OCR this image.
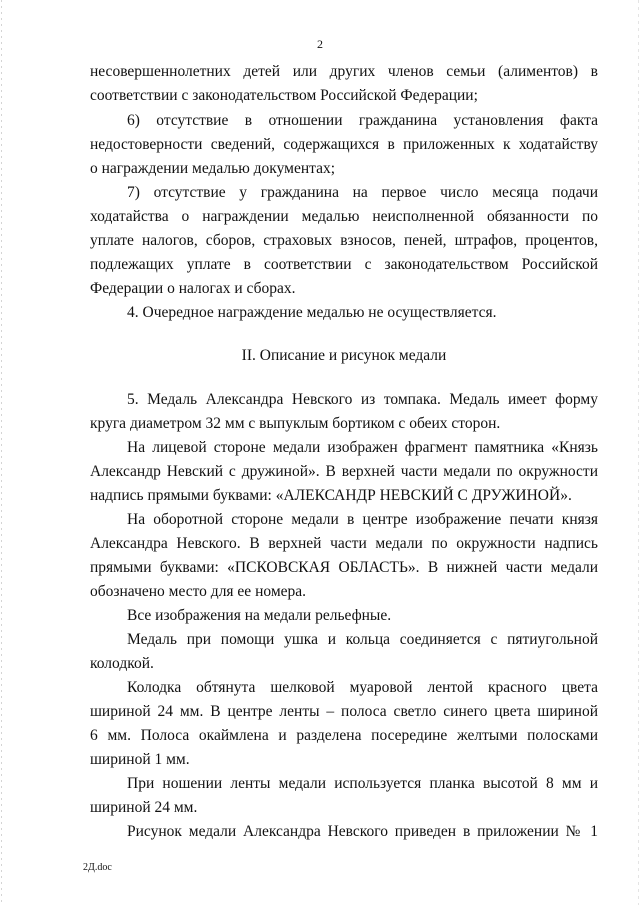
2
несовершеннолетних детей или других членов семьи (алиментов) в
соответствии с законодательством Российской Федерации;
6) отсутствие в отношении гражданина установления факта
недостоверности сведений, содержащихся в приложенных к ходатайству
о награждении медалью документах;
7) отсутствие у гражданина на первое число месяца подачи
ходатайства о награждении медалью неисполненной обязанности по
уплате налогов, сборов, страховых взносов, пеней, штрафов, процентов,
подлежащих уплате в соответствии с законодательством Российской
Федерации о налогах и сборах.
4. Очередное награждение медалью не осуществляется.
II. Описание и рисунок медали
5. Медаль Александра Невского из томпака. Медаль имеет форму
круга диаметром 32 мм с выпуклым бортиком с обеих сторон.
На лицевой стороне медали изображен фрагмент памятника «Князь
Александр Невский с дружиной». В верхней части медали по окружности
надпись прямыми буквами: «АЛЕКСАНДР НЕВСКИЙ С ДРУЖИНОЙ».
На оборотной стороне медали в центре изображение печати князя
Александра Невского. В верхней части медали по окружности надпись
прямыми буквами: «ПСКОВСКАЯ ОБЛАСТЬ». В нижней части медали
обозначено место для ее номера.
Все изображения на медали рельефные.
Медаль при помощи ушка и кольца соединяется с пятиугольной
колодкой.
Колодка обтянута шелковой муаровой лентой красного цвета
шириной 24 мм. В центре ленты – полоса светло синего цвета шириной
6 мм. Полоса окаймлена и разделена посередине желтыми полосками
шириной 1 мм.
При ношении ленты медали используется планка высотой 8 мм и
шириной 24 мм.
Рисунок медали Александра Невского приведен в приложении № 1
2Д.doc
